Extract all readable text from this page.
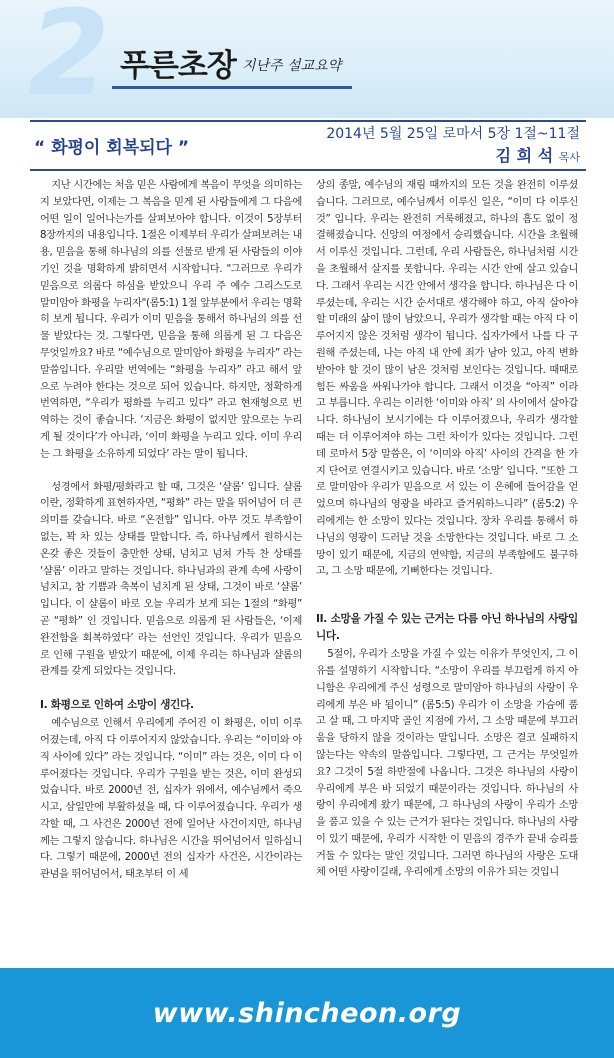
2 푸른초장 지난주 설교요약
“ 화평이 회복되다 ”
2014년 5월 25일 로마서 5장 1절~11절
김 희 석 목사

지난 시간에는 처음 믿은 사람에게 복음이 무엇을 의미하는지 보았다면, 이제는 그 복음을 믿게 된 사람들에게 그 다음에 어떤 일이 일어나는가를 살펴보아야 합니다. 이것이 5장부터 8장까지의 내용입니다. 1절은 이제부터 우리가 살펴보려는 내용, 믿음을 통해 하나님의 의를 선물로 받게 된 사람들의 이야기인 것을 명확하게 밝히면서 시작합니다. "그러므로 우리가 믿음으로 의롭다 하심을 받았으니 우리 주 예수 그리스도로 말미암아 화평을 누리자"(롬5:1) 1절 앞부분에서 우리는 명확히 보게 됩니다. 우리가 이미 믿음을 통해서 하나님의 의를 선물 받았다는 것. 그렇다면, 믿음을 통해 의롭게 된 그 다음은 무엇일까요? 바로 “예수님으로 말미암아 화평을 누리자” 라는 말씀입니다. 우리말 번역에는 “화평을 누리자” 라고 해서 앞으로 누려야 한다는 것으로 되어 있습니다. 하지만, 정확하게 번역하면, “우리가 평화를 누리고 있다” 라고 현재형으로 번역하는 것이 좋습니다. ‘지금은 화평이 없지만 앞으로는 누리게 될 것이다’가 아니라, ‘이미 화평을 누리고 있다. 이미 우리는 그 화평을 소유하게 되었다’ 라는 말이 됩니다.

성경에서 화평/평화라고 할 때, 그것은 ‘샬롬’ 입니다. 샬롬이란, 정확하게 표현하자면, “평화” 라는 말을 뛰어넘어 더 큰 의미를 갖습니다. 바로 “온전함” 입니다. 아무 것도 부족함이 없는, 꽉 차 있는 상태를 말합니다. 즉, 하나님께서 원하시는 온갖 좋은 것들이 충만한 상태, 넘치고 넘쳐 가득 찬 상태를 ‘샬롬’ 이라고 말하는 것입니다. 하나님과의 관계 속에 사랑이 넘치고, 참 기쁨과 축복이 넘치게 된 상태, 그것이 바로 ‘샬롬’ 입니다. 이 샬롬이 바로 오늘 우리가 보게 되는 1절의 “화평” 곧 “평화” 인 것입니다. 믿음으로 의롭게 된 사람들은, ‘이제 완전함을 회복하였다’ 라는 선언인 것입니다. 우리가 믿음으로 인해 구원을 받았기 때문에, 이제 우리는 하나님과 샬롬의 관계를 갖게 되었다는 것입니다.

I. 화평으로 인하여 소망이 생긴다.

예수님으로 인해서 우리에게 주어진 이 화평은, 이미 이루어졌는데, 아직 다 이루어지지 않았습니다. 우리는 “이미와 아직 사이에 있다” 라는 것입니다. “이미” 라는 것은, 이미 다 이루어졌다는 것입니다. 우리가 구원을 받는 것은, 이미 완성되었습니다. 바로 2000년 전, 십자가 위에서, 예수님께서 죽으시고, 삼일만에 부활하셨을 때, 다 이루어졌습니다. 우리가 생각할 때, 그 사건은 2000년 전에 일어난 사건이지만, 하나님께는 그렇지 않습니다. 하나님은 시간을 뛰어넘어서 일하십니다. 그렇기 때문에, 2000년 전의 십자가 사건은, 시간이라는 관념을 뛰어넘어서, 태초부터 이 세

상의 종말, 예수님의 재림 때까지의 모든 것을 완전히 이루셨습니다. 그러므로, 예수님께서 이루신 일은, “이미 다 이루신 것” 입니다. 우리는 완전히 거룩해졌고, 하나의 흠도 없이 정결해졌습니다. 신앙의 여정에서 승리했습니다. 시간을 초월해서 이루신 것입니다. 그런데, 우리 사람들은, 하나님처럼 시간을 초월해서 살지를 못합니다. 우리는 시간 안에 살고 있습니다. 그래서 우리는 시간 안에서 생각을 합니다. 하나님은 다 이루셨는데, 우리는 시간 순서대로 생각해야 하고, 아직 살아야 할 미래의 삶이 많이 남았으니, 우리가 생각할 때는 아직 다 이루어지지 않은 것처럼 생각이 됩니다. 십자가에서 나를 다 구원해 주셨는데, 나는 아직 내 안에 죄가 남아 있고, 아직 변화 받아야 할 것이 많이 남은 것처럼 보인다는 것입니다. 때때로 힘든 싸움을 싸워나가야 합니다. 그래서 이것을 “아직” 이라고 부릅니다. 우리는 이러한 ‘이미와 아직’ 의 사이에서 살아갑니다. 하나님이 보시기에는 다 이루어졌으나, 우리가 생각할 때는 더 이루어져야 하는 그런 차이가 있다는 것입니다. 그런데 로마서 5장 말씀은, 이 ‘이미와 아직’ 사이의 간격을 한 가지 단어로 연결시키고 있습니다. 바로 ‘소망’ 입니다. “또한 그로 말미암아 우리가 믿음으로 서 있는 이 은혜에 들어감을 얻었으며 하나님의 영광을 바라고 즐거워하느니라” (롬5:2) 우리에게는 한 소망이 있다는 것입니다. 장차 우리를 통해서 하나님의 영광이 드러날 것을 소망한다는 것입니다. 바로 그 소망이 있기 때문에, 지금의 연약함, 지금의 부족함에도 불구하고, 그 소망 때문에, 기뻐한다는 것입니다.

II. 소망을 가질 수 있는 근거는 다름 아닌 하나님의 사랑입니다.

5절이, 우리가 소망을 가질 수 있는 이유가 무엇인지, 그 이유를 설명하기 시작합니다. “소망이 우리를 부끄럽게 하지 아니함은 우리에게 주신 성령으로 말미암아 하나님의 사랑이 우리에게 부은 바 됨이니” (롬5:5) 우리가 이 소망을 가슴에 품고 살 때, 그 마지막 골인 지점에 가서, 그 소망 때문에 부끄러움을 당하지 않을 것이라는 말입니다. 소망은 결코 실패하지 않는다는 약속의 말씀입니다. 그렇다면, 그 근거는 무엇일까요? 그것이 5절 하반절에 나옵니다. 그것은 하나님의 사랑이 우리에게 부은 바 되었기 때문이라는 것입니다. 하나님의 사랑이 우리에게 왔기 때문에, 그 하나님의 사랑이 우리가 소망을 품고 있을 수 있는 근거가 된다는 것입니다. 하나님의 사랑이 있기 때문에, 우리가 시작한 이 믿음의 경주가 끝내 승리를 거둘 수 있다는 말인 것입니다. 그러면 하나님의 사랑은 도대체 어떤 사랑이길래, 우리에게 소망의 이유가 되는 것입니

www.shincheon.org
